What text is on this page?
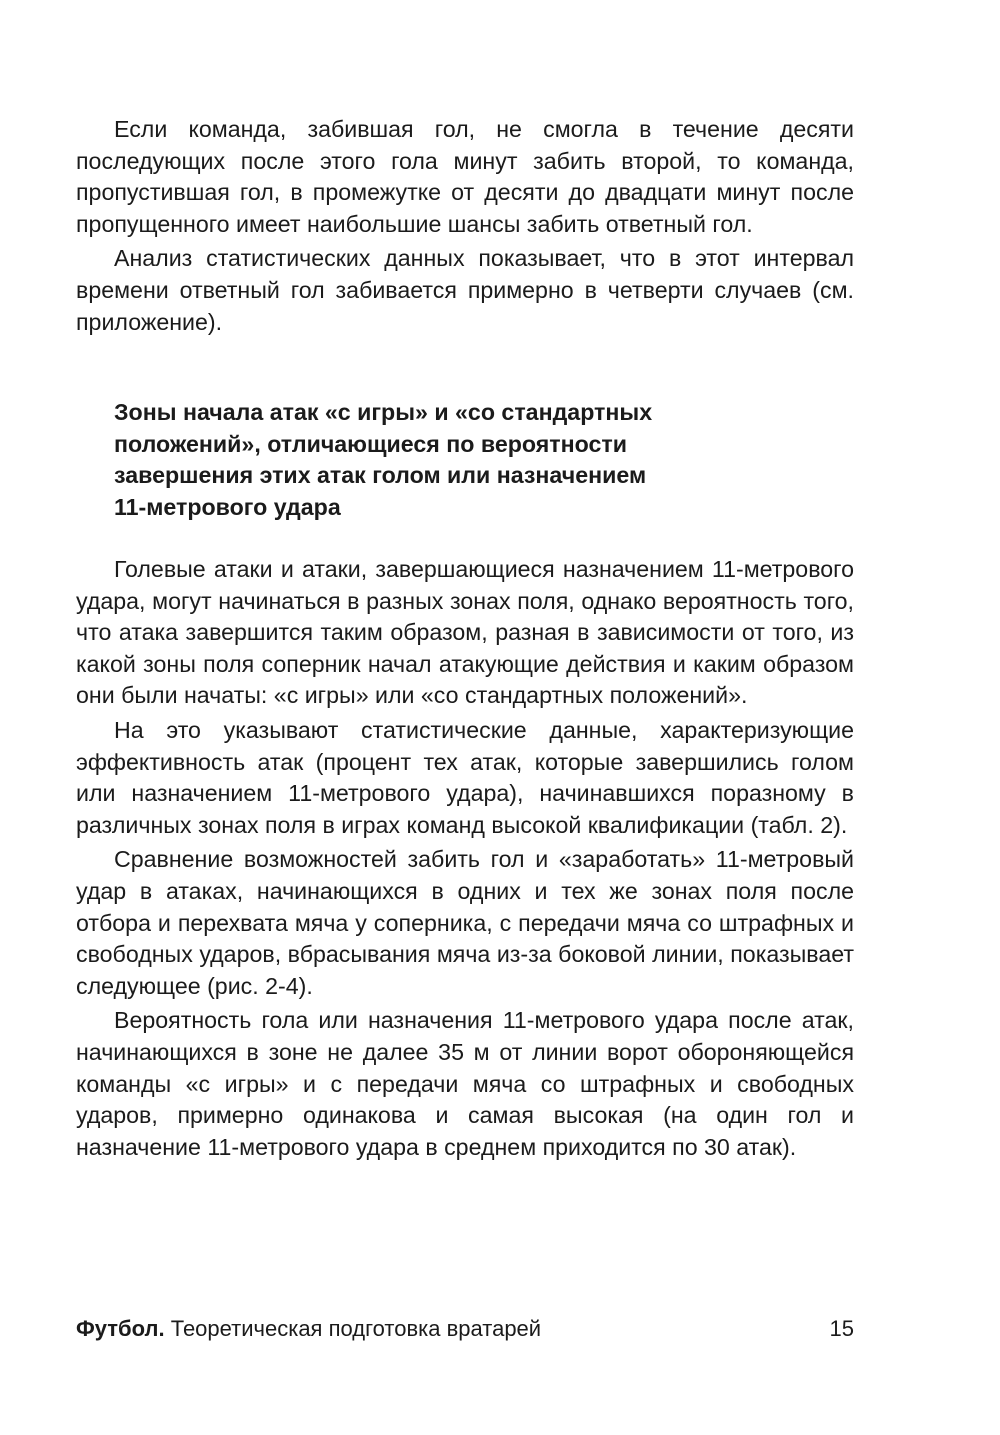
Если команда, забившая гол, не смогла в течение десяти последующих после этого гола минут забить второй, то команда, пропустившая гол, в промежутке от десяти до двадцати минут после пропущенного имеет наибольшие шансы забить ответный гол.

Анализ статистических данных показывает, что в этот интервал времени ответный гол забивается примерно в четверти случаев (см. приложение).

Зоны начала атак «с игры» и «со стандартных
положений», отличающиеся по вероятности
завершения этих атак голом или назначением
11-метрового удара

Голевые атаки и атаки, завершающиеся назначением 11-метрового удара, могут начинаться в разных зонах поля, однако вероятность того, что атака завершится таким образом, разная в зависимости от того, из какой зоны поля соперник начал атакующие действия и каким образом они были начаты: «с игры» или «со стандартных положений».

На это указывают статистические данные, характеризующие эффективность атак (процент тех атак, которые завершились голом или назначением 11-метрового удара), начинавшихся поразному в различных зонах поля в играх команд высокой квалификации (табл. 2).

Сравнение возможностей забить гол и «заработать» 11-метровый удар в атаках, начинающихся в одних и тех же зонах поля после отбора и перехвата мяча у соперника, с передачи мяча со штрафных и свободных ударов, вбрасывания мяча из-за боковой линии, показывает следующее (рис. 2-4).

Вероятность гола или назначения 11-метрового удара после атак, начинающихся в зоне не далее 35 м от линии ворот обороняющейся команды «с игры» и с передачи мяча со штрафных и свободных ударов, примерно одинакова и самая высокая (на один гол и назначение 11-метрового удара в среднем приходится по 30 атак).

Футбол. Теоретическая подготовка вратарей	15
